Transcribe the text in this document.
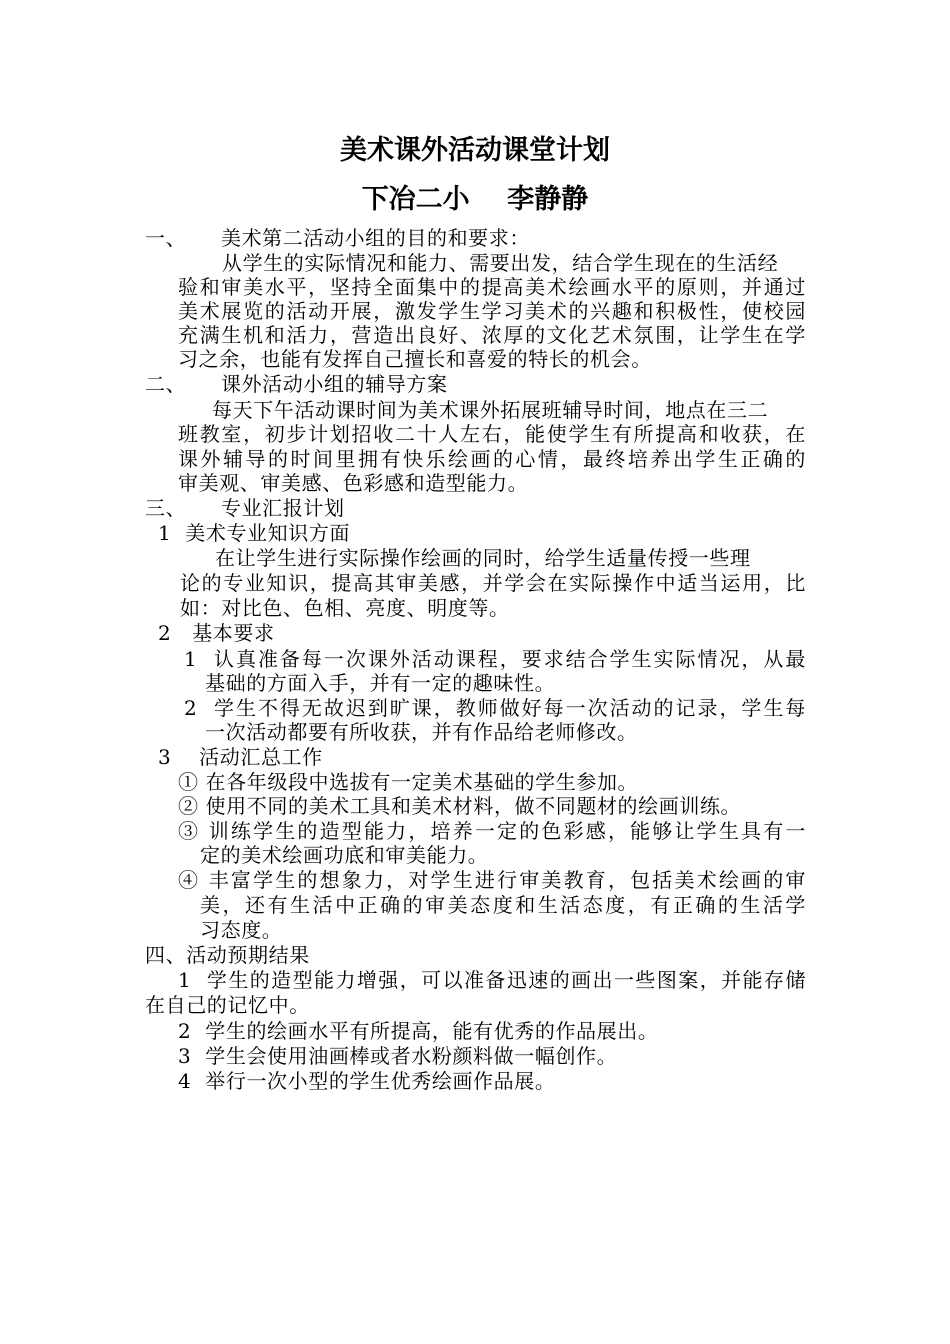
美术课外活动课堂计划
下冶二小    李静静
一、     美术第二活动小组的目的和要求：
从学生的实际情况和能力、需要出发，结合学生现在的生活经
验和审美水平，坚持全面集中的提高美术绘画水平的原则，并通过
美术展览的活动开展，激发学生学习美术的兴趣和积极性，使校园
充满生机和活力，营造出良好、浓厚的文化艺术氛围，让学生在学
习之余，也能有发挥自己擅长和喜爱的特长的机会。
二、     课外活动小组的辅导方案
每天下午活动课时间为美术课外拓展班辅导时间，地点在三二
班教室，初步计划招收二十人左右，能使学生有所提高和收获，在
课外辅导的时间里拥有快乐绘画的心情，最终培养出学生正确的
审美观、审美感、色彩感和造型能力。
三、     专业汇报计划
1  美术专业知识方面
在让学生进行实际操作绘画的同时，给学生适量传授一些理
论的专业知识，提高其审美感，并学会在实际操作中适当运用，比
如：对比色、色相、亮度、明度等。
2   基本要求
1  认真准备每一次课外活动课程，要求结合学生实际情况，从最
基础的方面入手，并有一定的趣味性。
2  学生不得无故迟到旷课，教师做好每一次活动的记录，学生每
一次活动都要有所收获，并有作品给老师修改。
3    活动汇总工作
① 在各年级段中选拔有一定美术基础的学生参加。
② 使用不同的美术工具和美术材料，做不同题材的绘画训练。
③ 训练学生的造型能力，培养一定的色彩感，能够让学生具有一
定的美术绘画功底和审美能力。
④ 丰富学生的想象力，对学生进行审美教育，包括美术绘画的审
美，还有生活中正确的审美态度和生活态度，有正确的生活学
习态度。
四、活动预期结果
1  学生的造型能力增强，可以准备迅速的画出一些图案，并能存储
在自己的记忆中。
2  学生的绘画水平有所提高，能有优秀的作品展出。
3  学生会使用油画棒或者水粉颜料做一幅创作。
4  举行一次小型的学生优秀绘画作品展。
